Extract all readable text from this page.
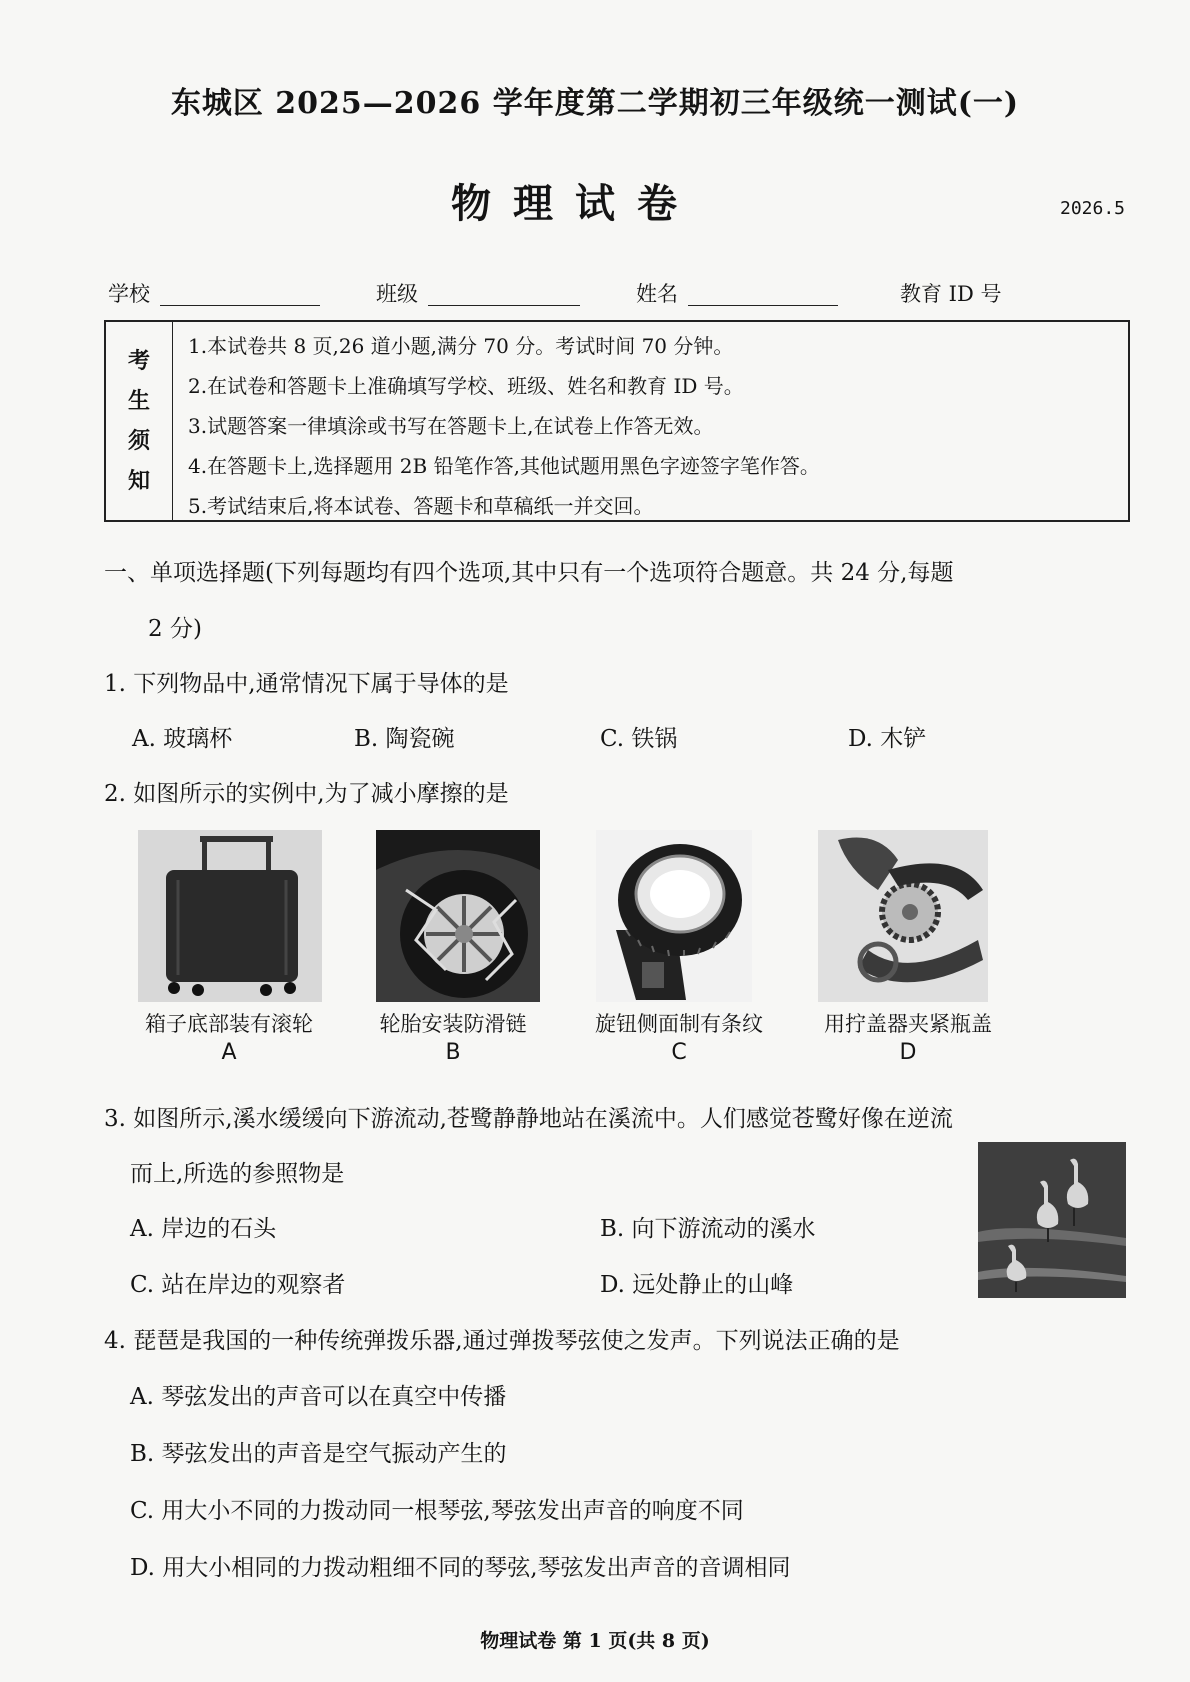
东城区 2025—2026 学年度第二学期初三年级统一测试(一)
物理试卷	2026.5
学校	班级	姓名	教育 ID 号
考
生
须
知
1.本试卷共 8 页,26 道小题,满分 70 分。考试时间 70 分钟。
2.在试卷和答题卡上准确填写学校、班级、姓名和教育 ID 号。
3.试题答案一律填涂或书写在答题卡上,在试卷上作答无效。
4.在答题卡上,选择题用 2B 铅笔作答,其他试题用黑色字迹签字笔作答。
5.考试结束后,将本试卷、答题卡和草稿纸一并交回。
一、单项选择题(下列每题均有四个选项,其中只有一个选项符合题意。共 24 分,每题
2 分)
1. 下列物品中,通常情况下属于导体的是
A. 玻璃杯	B. 陶瓷碗	C. 铁锅	D. 木铲
2. 如图所示的实例中,为了减小摩擦的是
箱子底部装有滚轮	轮胎安装防滑链	旋钮侧面制有条纹	用拧盖器夹紧瓶盖
A	B	C	D
3. 如图所示,溪水缓缓向下游流动,苍鹭静静地站在溪流中。人们感觉苍鹭好像在逆流
而上,所选的参照物是
A. 岸边的石头	B. 向下游流动的溪水
C. 站在岸边的观察者	D. 远处静止的山峰
4. 琵琶是我国的一种传统弹拨乐器,通过弹拨琴弦使之发声。下列说法正确的是
A. 琴弦发出的声音可以在真空中传播
B. 琴弦发出的声音是空气振动产生的
C. 用大小不同的力拨动同一根琴弦,琴弦发出声音的响度不同
D. 用大小相同的力拨动粗细不同的琴弦,琴弦发出声音的音调相同
物理试卷 第 1 页(共 8 页)
